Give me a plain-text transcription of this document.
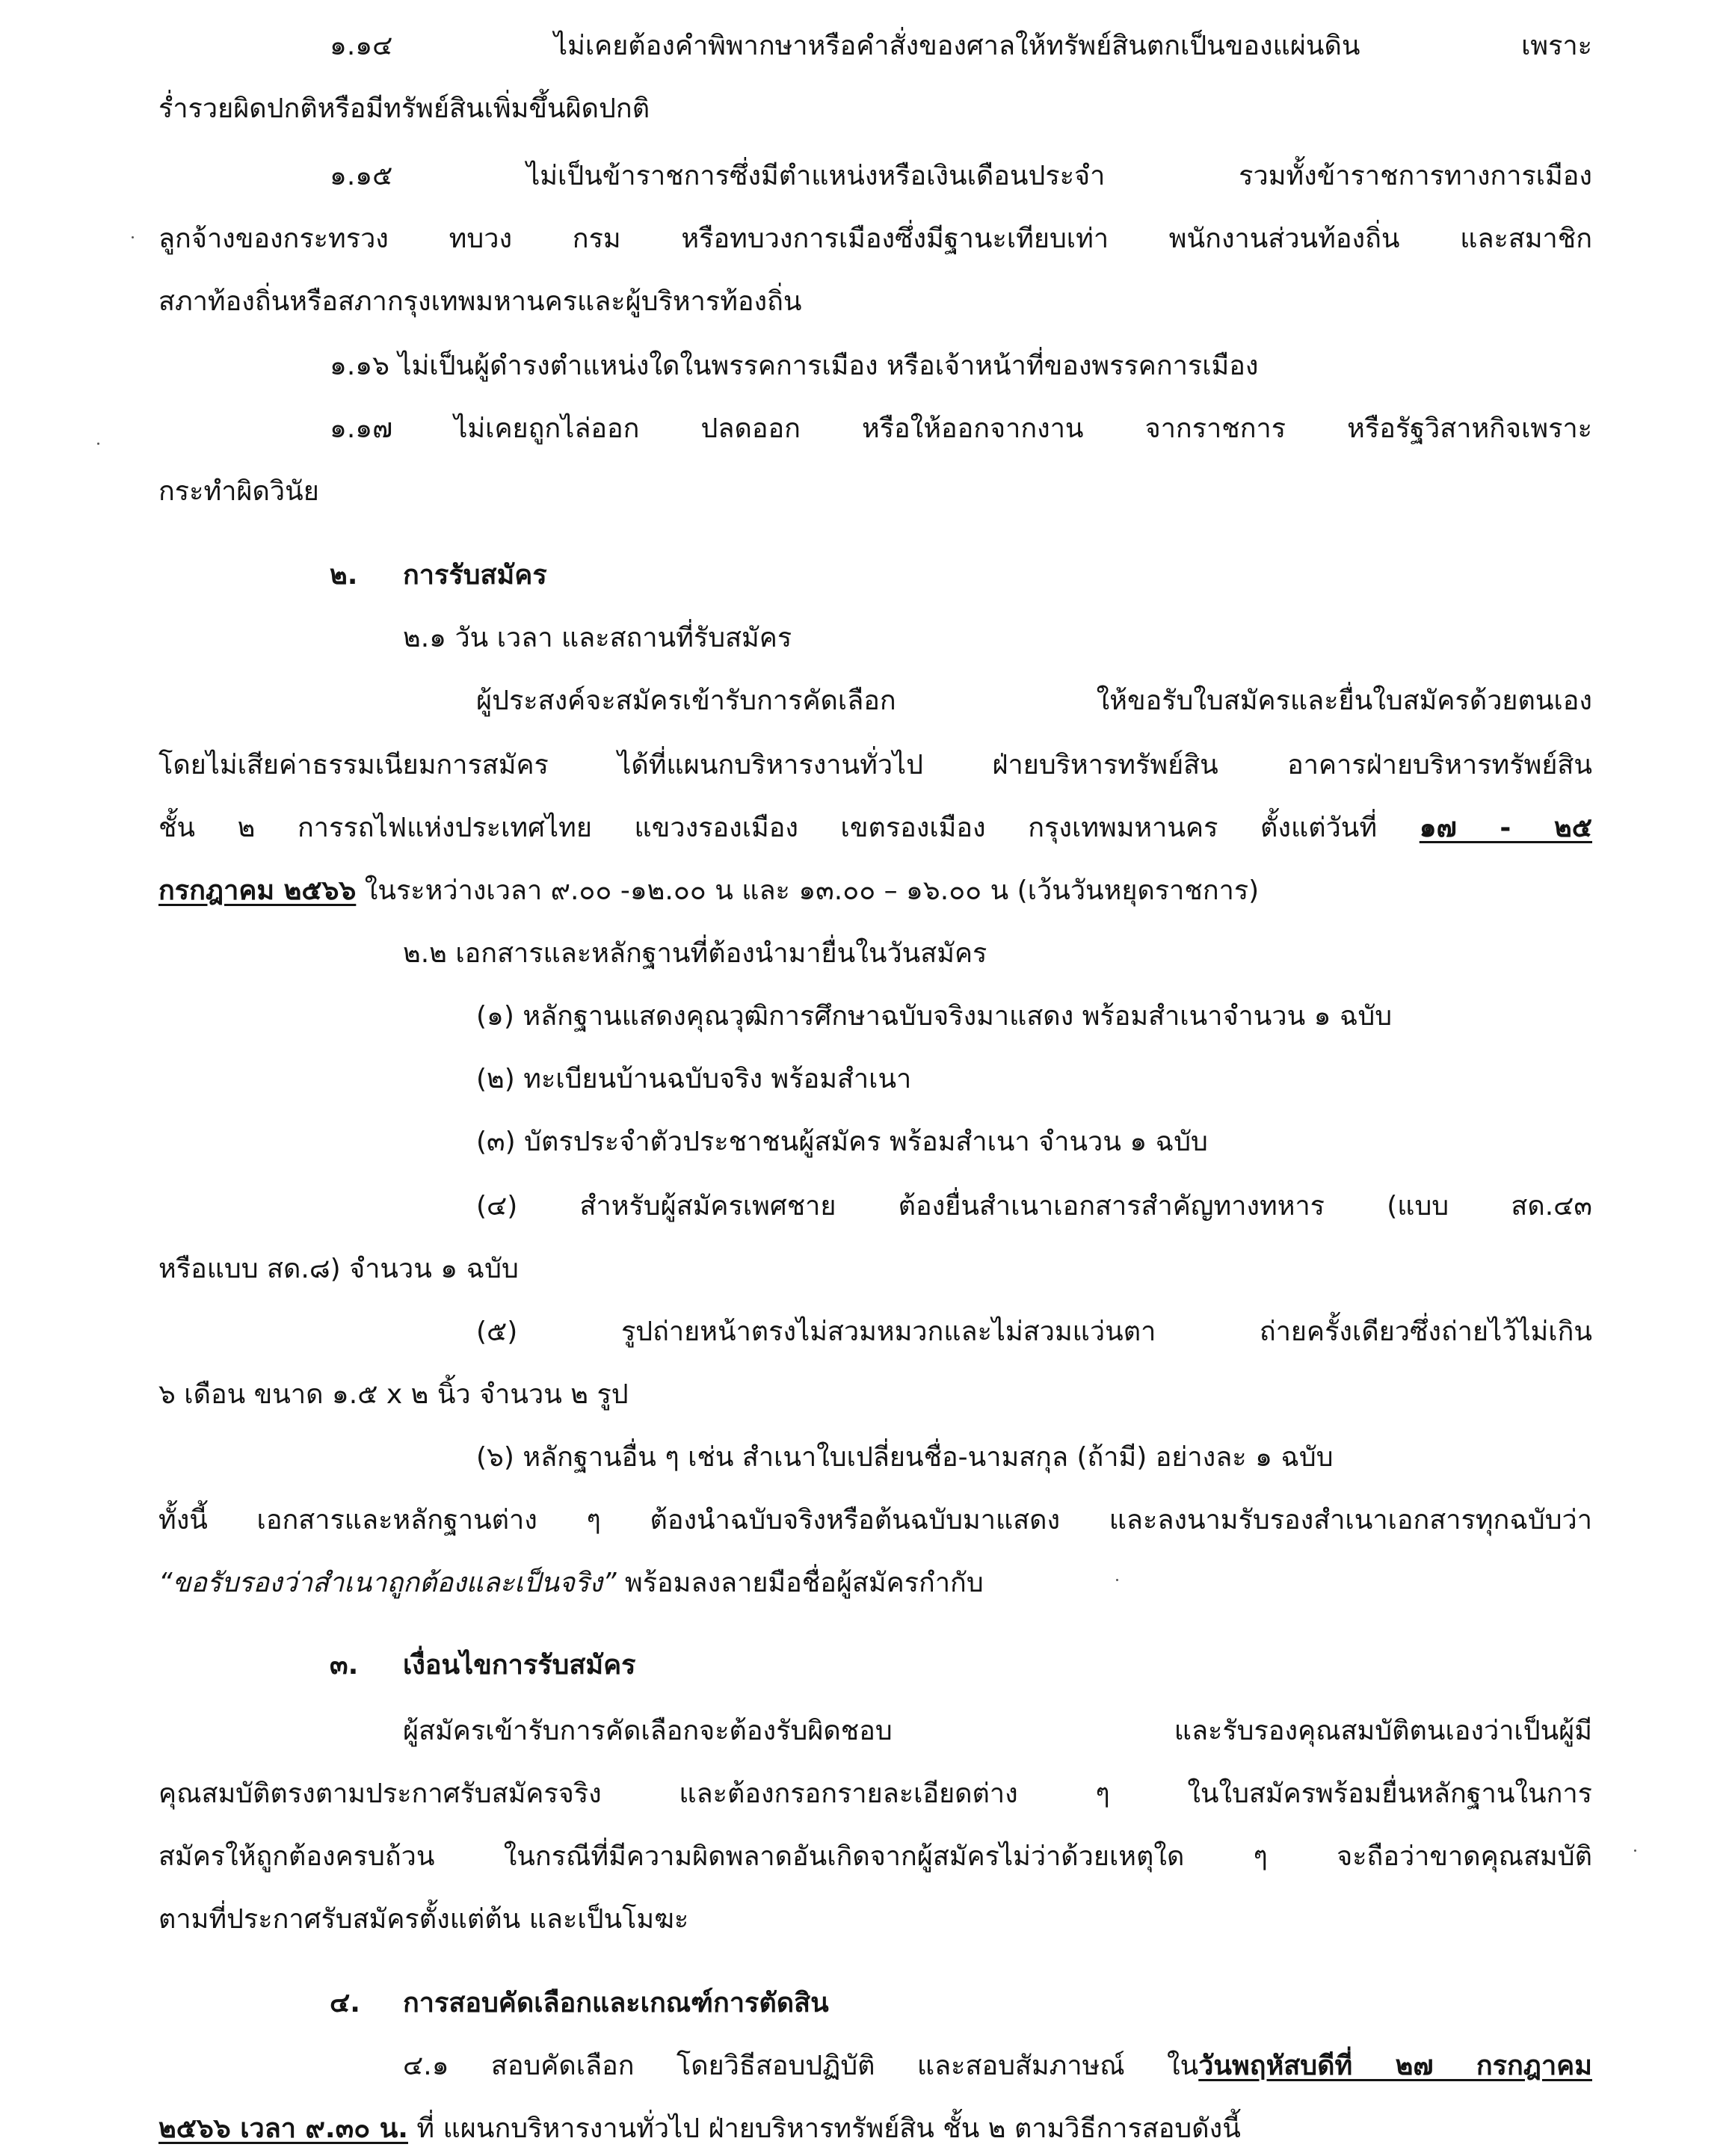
๑.๑๔ ไม่เคยต้องคำพิพากษาหรือคำสั่งของศาลให้ทรัพย์สินตกเป็นของแผ่นดิน เพราะ
ร่ำรวยผิดปกติหรือมีทรัพย์สินเพิ่มขึ้นผิดปกติ
๑.๑๕ ไม่เป็นข้าราชการซึ่งมีตำแหน่งหรือเงินเดือนประจำ รวมทั้งข้าราชการทางการเมือง
ลูกจ้างของกระทรวง ทบวง กรม หรือทบวงการเมืองซึ่งมีฐานะเทียบเท่า พนักงานส่วนท้องถิ่น และสมาชิก
สภาท้องถิ่นหรือสภากรุงเทพมหานครและผู้บริหารท้องถิ่น
๑.๑๖ ไม่เป็นผู้ดำรงตำแหน่งใดในพรรคการเมือง หรือเจ้าหน้าที่ของพรรคการเมือง
๑.๑๗ ไม่เคยถูกไล่ออก ปลดออก หรือให้ออกจากงาน จากราชการ หรือรัฐวิสาหกิจเพราะ
กระทำผิดวินัย
๒. การรับสมัคร
๒.๑ วัน เวลา และสถานที่รับสมัคร
ผู้ประสงค์จะสมัครเข้ารับการคัดเลือก ให้ขอรับใบสมัครและยื่นใบสมัครด้วยตนเอง
โดยไม่เสียค่าธรรมเนียมการสมัคร ได้ที่แผนกบริหารงานทั่วไป ฝ่ายบริหารทรัพย์สิน อาคารฝ่ายบริหารทรัพย์สิน
ชั้น ๒ การรถไฟแห่งประเทศไทย แขวงรองเมือง เขตรองเมือง กรุงเทพมหานคร ตั้งแต่วันที่ ๑๗ - ๒๕
กรกฎาคม ๒๕๖๖ ในระหว่างเวลา ๙.๐๐ -๑๒.๐๐ น และ ๑๓.๐๐ – ๑๖.๐๐ น (เว้นวันหยุดราชการ)
๒.๒ เอกสารและหลักฐานที่ต้องนำมายื่นในวันสมัคร
(๑) หลักฐานแสดงคุณวุฒิการศึกษาฉบับจริงมาแสดง พร้อมสำเนาจำนวน ๑ ฉบับ
(๒) ทะเบียนบ้านฉบับจริง พร้อมสำเนา
(๓) บัตรประจำตัวประชาชนผู้สมัคร พร้อมสำเนา จำนวน ๑ ฉบับ
(๔) สำหรับผู้สมัครเพศชาย ต้องยื่นสำเนาเอกสารสำคัญทางทหาร (แบบ สด.๔๓
หรือแบบ สด.๘) จำนวน ๑ ฉบับ
(๕) รูปถ่ายหน้าตรงไม่สวมหมวกและไม่สวมแว่นตา ถ่ายครั้งเดียวซึ่งถ่ายไว้ไม่เกิน
๖ เดือน ขนาด ๑.๕ x ๒ นิ้ว จำนวน ๒ รูป
(๖) หลักฐานอื่น ๆ เช่น สำเนาใบเปลี่ยนชื่อ-นามสกุล (ถ้ามี) อย่างละ ๑ ฉบับ
ทั้งนี้ เอกสารและหลักฐานต่าง ๆ ต้องนำฉบับจริงหรือต้นฉบับมาแสดง และลงนามรับรองสำเนาเอกสารทุกฉบับว่า
“ขอรับรองว่าสำเนาถูกต้องและเป็นจริง” พร้อมลงลายมือชื่อผู้สมัครกำกับ
๓. เงื่อนไขการรับสมัคร
ผู้สมัครเข้ารับการคัดเลือกจะต้องรับผิดชอบ และรับรองคุณสมบัติตนเองว่าเป็นผู้มี
คุณสมบัติตรงตามประกาศรับสมัครจริง และต้องกรอกรายละเอียดต่าง ๆ ในใบสมัครพร้อมยื่นหลักฐานในการ
สมัครให้ถูกต้องครบถ้วน ในกรณีที่มีความผิดพลาดอันเกิดจากผู้สมัครไม่ว่าด้วยเหตุใด ๆ จะถือว่าขาดคุณสมบัติ
ตามที่ประกาศรับสมัครตั้งแต่ต้น และเป็นโมฆะ
๔. การสอบคัดเลือกและเกณฑ์การตัดสิน
๔.๑ สอบคัดเลือก โดยวิธีสอบปฏิบัติ และสอบสัมภาษณ์ ในวันพฤหัสบดีที่ ๒๗ กรกฎาคม
๒๕๖๖ เวลา ๙.๓๐ น. ที่ แผนกบริหารงานทั่วไป ฝ่ายบริหารทรัพย์สิน ชั้น ๒ ตามวิธีการสอบดังนี้
